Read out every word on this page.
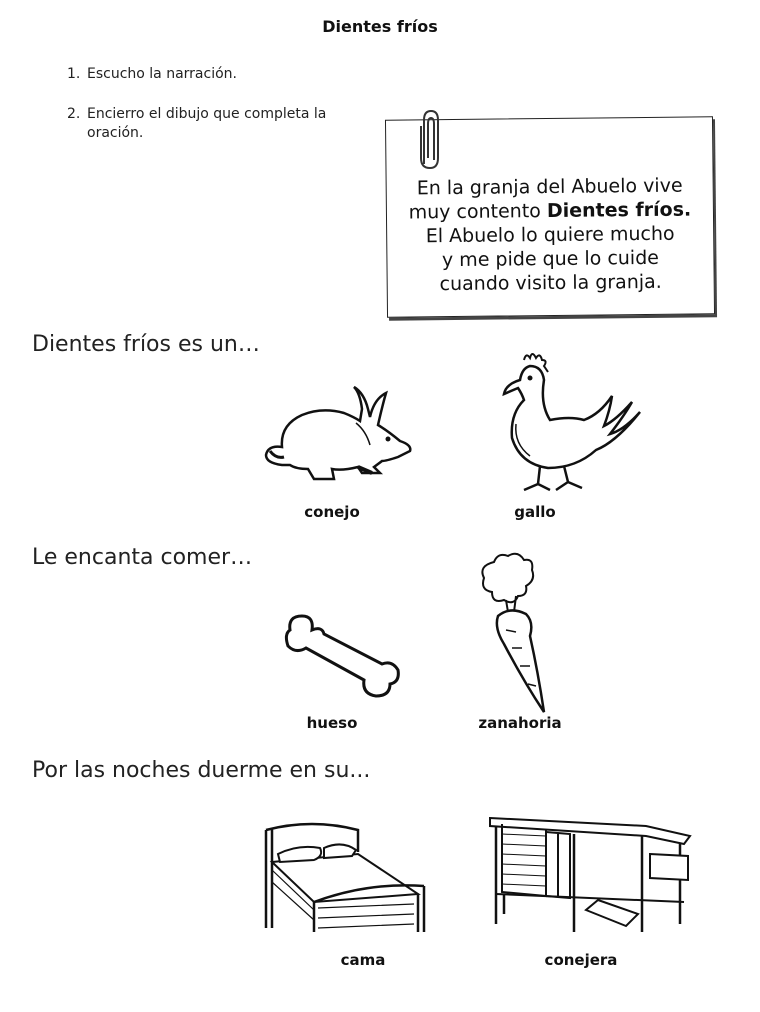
Dientes fríos
1. Escucho la narración.
2. Encierro el dibujo que completa la
oración.
En la granja del Abuelo vive
muy contento Dientes fríos.
El Abuelo lo quiere mucho
y me pide que lo cuide
cuando visito la granja.
Dientes fríos es un…
conejo	gallo
Le encanta comer…
hueso	zanahoria
Por las noches duerme en su...
cama	conejera
